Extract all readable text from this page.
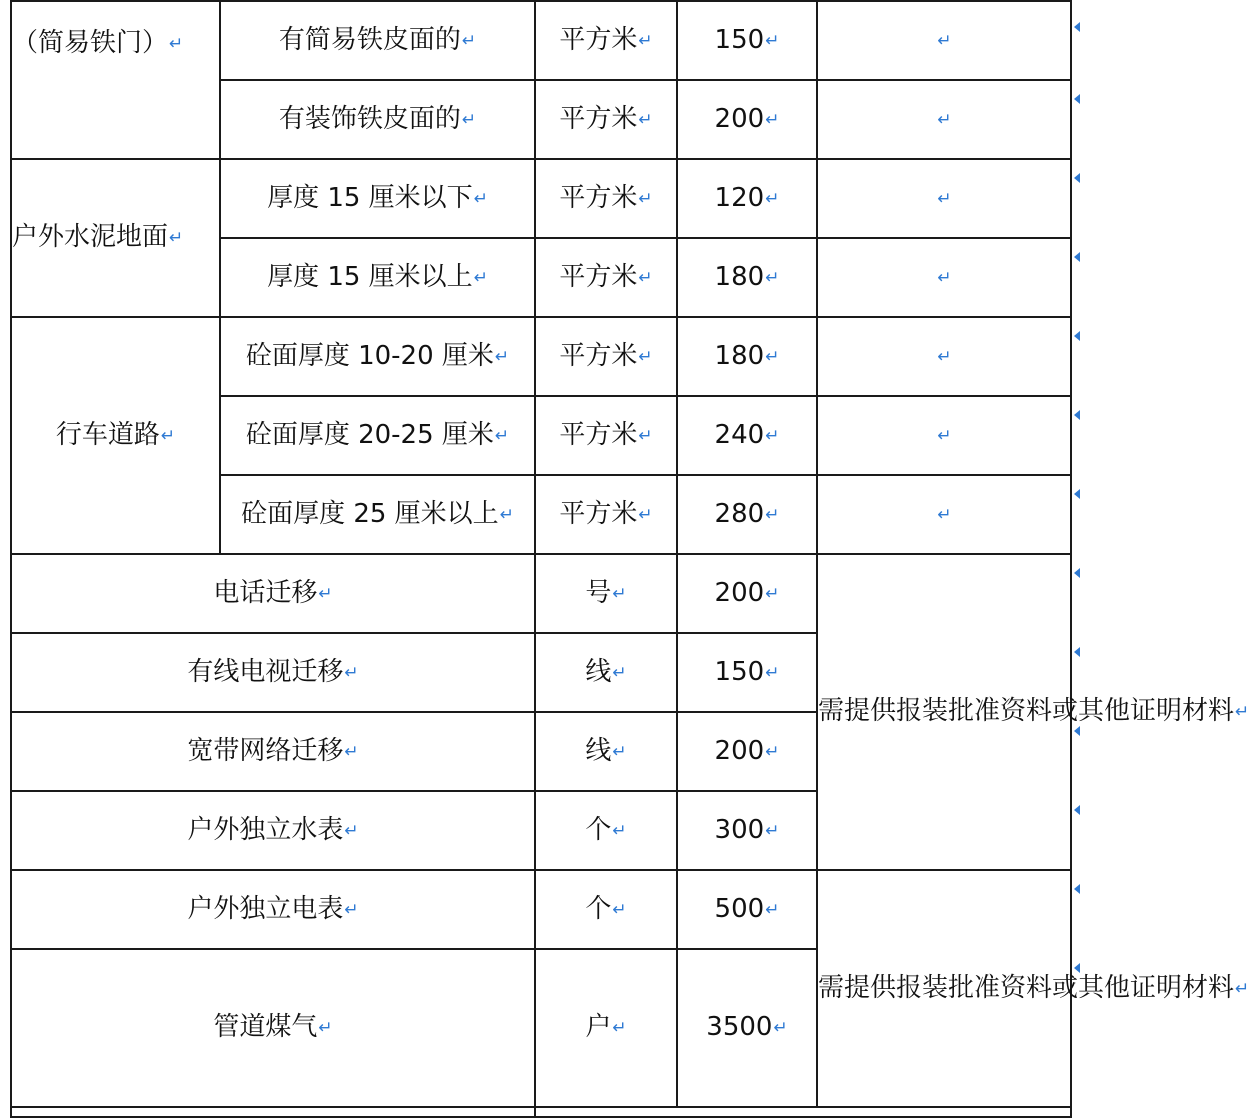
（简易铁门）↵	有简易铁皮面的↵	平方米↵	150↵	↵
	有装饰铁皮面的↵	平方米↵	200↵	↵
户外水泥地面↵	厚度 15 厘米以下↵	平方米↵	120↵	↵
	厚度 15 厘米以上↵	平方米↵	180↵	↵
行车道路↵	砼面厚度 10-20 厘米↵	平方米↵	180↵	↵
	砼面厚度 20-25 厘米↵	平方米↵	240↵	↵
	砼面厚度 25 厘米以上↵	平方米↵	280↵	↵
电话迁移↵		号↵	200↵	需提供报装批准资料或其他证明材料↵
有线电视迁移↵		线↵	150↵	
宽带网络迁移↵		线↵	200↵	
户外独立水表↵		个↵	300↵	
户外独立电表↵		个↵	500↵	需提供报装批准资料或其他证明材料↵
管道煤气↵		户↵	3500↵	
